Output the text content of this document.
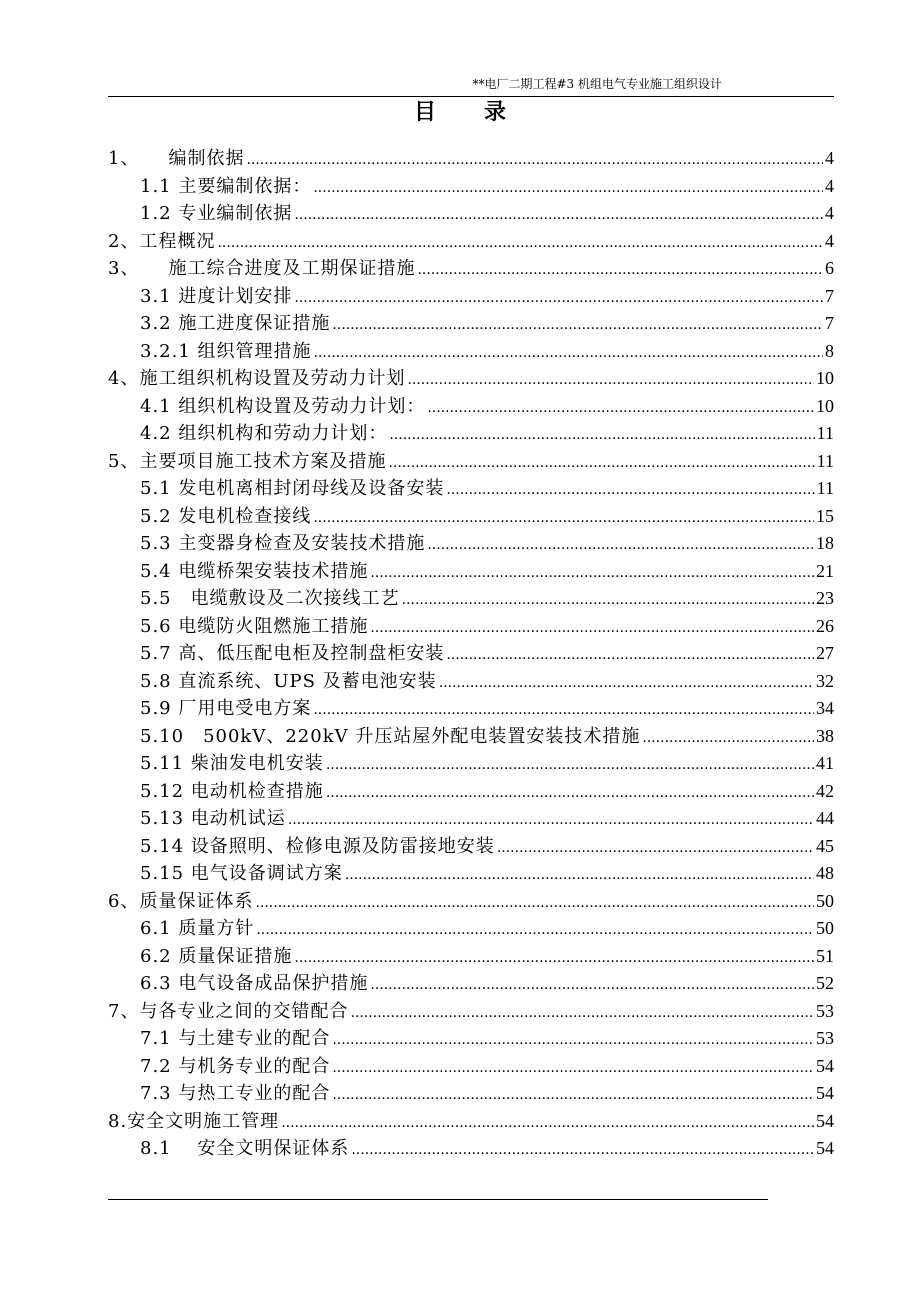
**电厂二期工程#3 机组电气专业施工组织设计
目 录
1、　　编制依据 .....	4
1.1 主要编制依据： .....	4
1.2 专业编制依据 .....	4
2、工程概况 .....	4
3、　　施工综合进度及工期保证措施 .....	6
3.1 进度计划安排 .....	7
3.2 施工进度保证措施 .....	7
3.2.1 组织管理措施 .....	8
4、施工组织机构设置及劳动力计划 .....	10
4.1 组织机构设置及劳动力计划： .....	10
4.2 组织机构和劳动力计划： .....	11
5、主要项目施工技术方案及措施 .....	11
5.1 发电机离相封闭母线及设备安装 .....	11
5.2 发电机检查接线 .....	15
5.3 主变器身检查及安装技术措施 .....	18
5.4 电缆桥架安装技术措施 .....	21
5.5　电缆敷设及二次接线工艺 .....	23
5.6 电缆防火阻燃施工措施 .....	26
5.7 高、低压配电柜及控制盘柜安装 .....	27
5.8 直流系统、UPS 及蓄电池安装 .....	32
5.9 厂用电受电方案 .....	34
5.10　500kV、220kV 升压站屋外配电装置安装技术措施 .....	38
5.11 柴油发电机安装 .....	41
5.12 电动机检查措施 .....	42
5.13 电动机试运 .....	44
5.14 设备照明、检修电源及防雷接地安装 .....	45
5.15 电气设备调试方案 .....	48
6、质量保证体系 .....	50
6.1 质量方针 .....	50
6.2 质量保证措施 .....	51
6.3 电气设备成品保护措施 .....	52
7、与各专业之间的交错配合 .....	53
7.1 与土建专业的配合 .....	53
7.2 与机务专业的配合 .....	54
7.3 与热工专业的配合 .....	54
8.安全文明施工管理 .....	54
8.1　 安全文明保证体系 .....	54
